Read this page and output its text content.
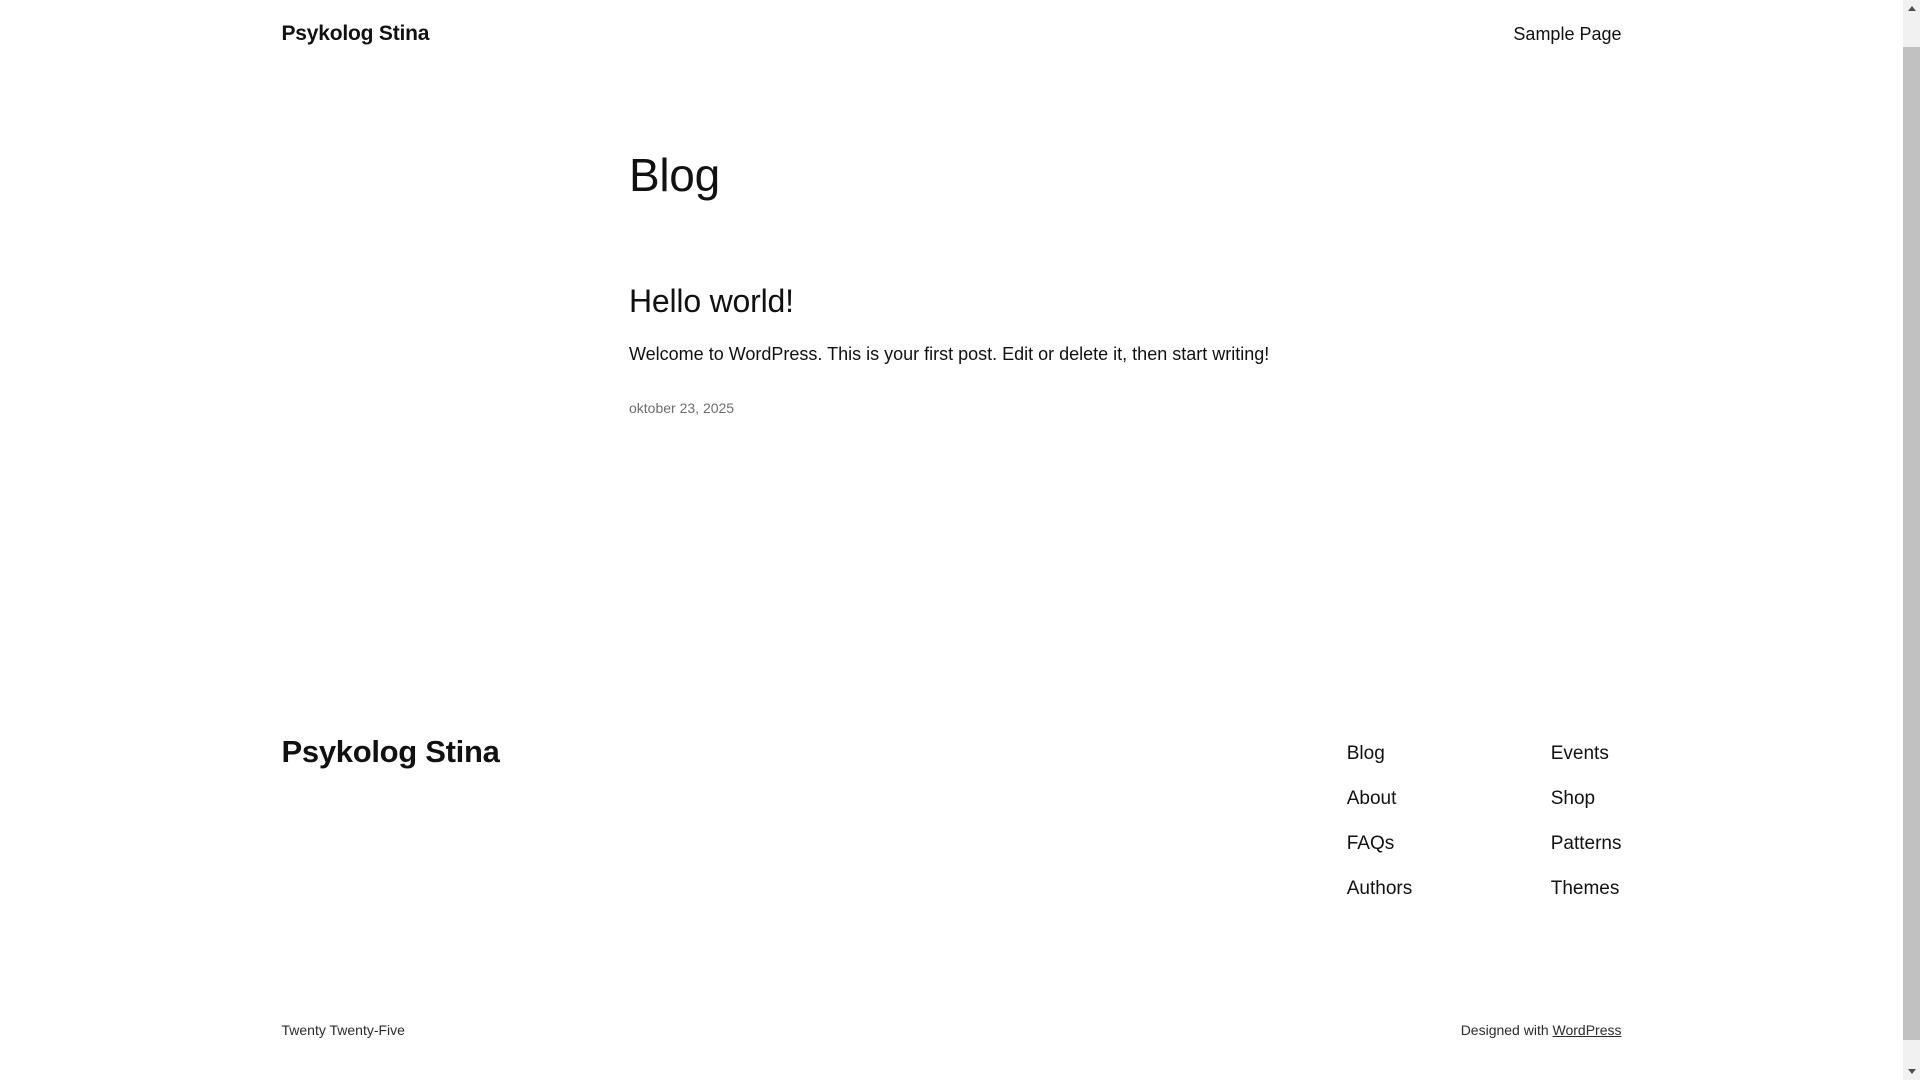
Psykolog Stina	Sample Page
Blog
Hello world!

Welcome to WordPress. This is your first post. Edit or delete it, then start writing!

oktober 23, 2025
Psykolog Stina	Blog
About
FAQs
Authors
Events
Shop
Patterns
Themes
Twenty Twenty-Five	Designed with WordPress
